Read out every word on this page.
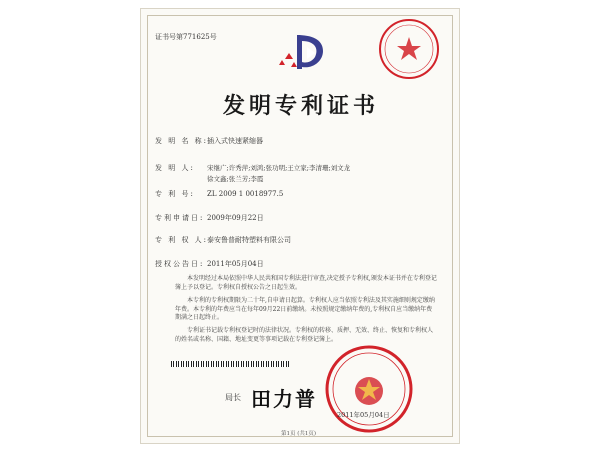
证书号第771625号
发明专利证书
发 明 名 称:
插入式快速紧缩器
发 明 人: 宋继广;许秀萍;刘鸿;张功明;王立家;李清珊;刘文龙
徐文鑫;张兰芳;李霞
专 利 号: ZL 2009 1 0018977.5
专利申请日: 2009年09月22日
专 利 权 人:
泰安鲁普耐特塑料有限公司
授权公告日: 2011年05月04日
本发明经过本局依照中华人民共和国专利法进行审查,决定授予专利权,颁发本证书并在专利登记簿上予以登记。专利权自授权公告之日起生效。
本专利的专利权期限为二十年,自申请日起算。专利权人应当依照专利法及其实施细则规定缴纳年费。本专利的年费应当在每年09月22日前缴纳。未按照规定缴纳年费的,专利权自应当缴纳年费期满之日起终止。
专利证书记载专利权登记时的法律状况。专利权的转移、质押、无效、终止、恢复和专利权人的姓名或名称、国籍、地址变更等事项记载在专利登记簿上。
局长 田力普
2011年05月04日
第1页 (共1页)
